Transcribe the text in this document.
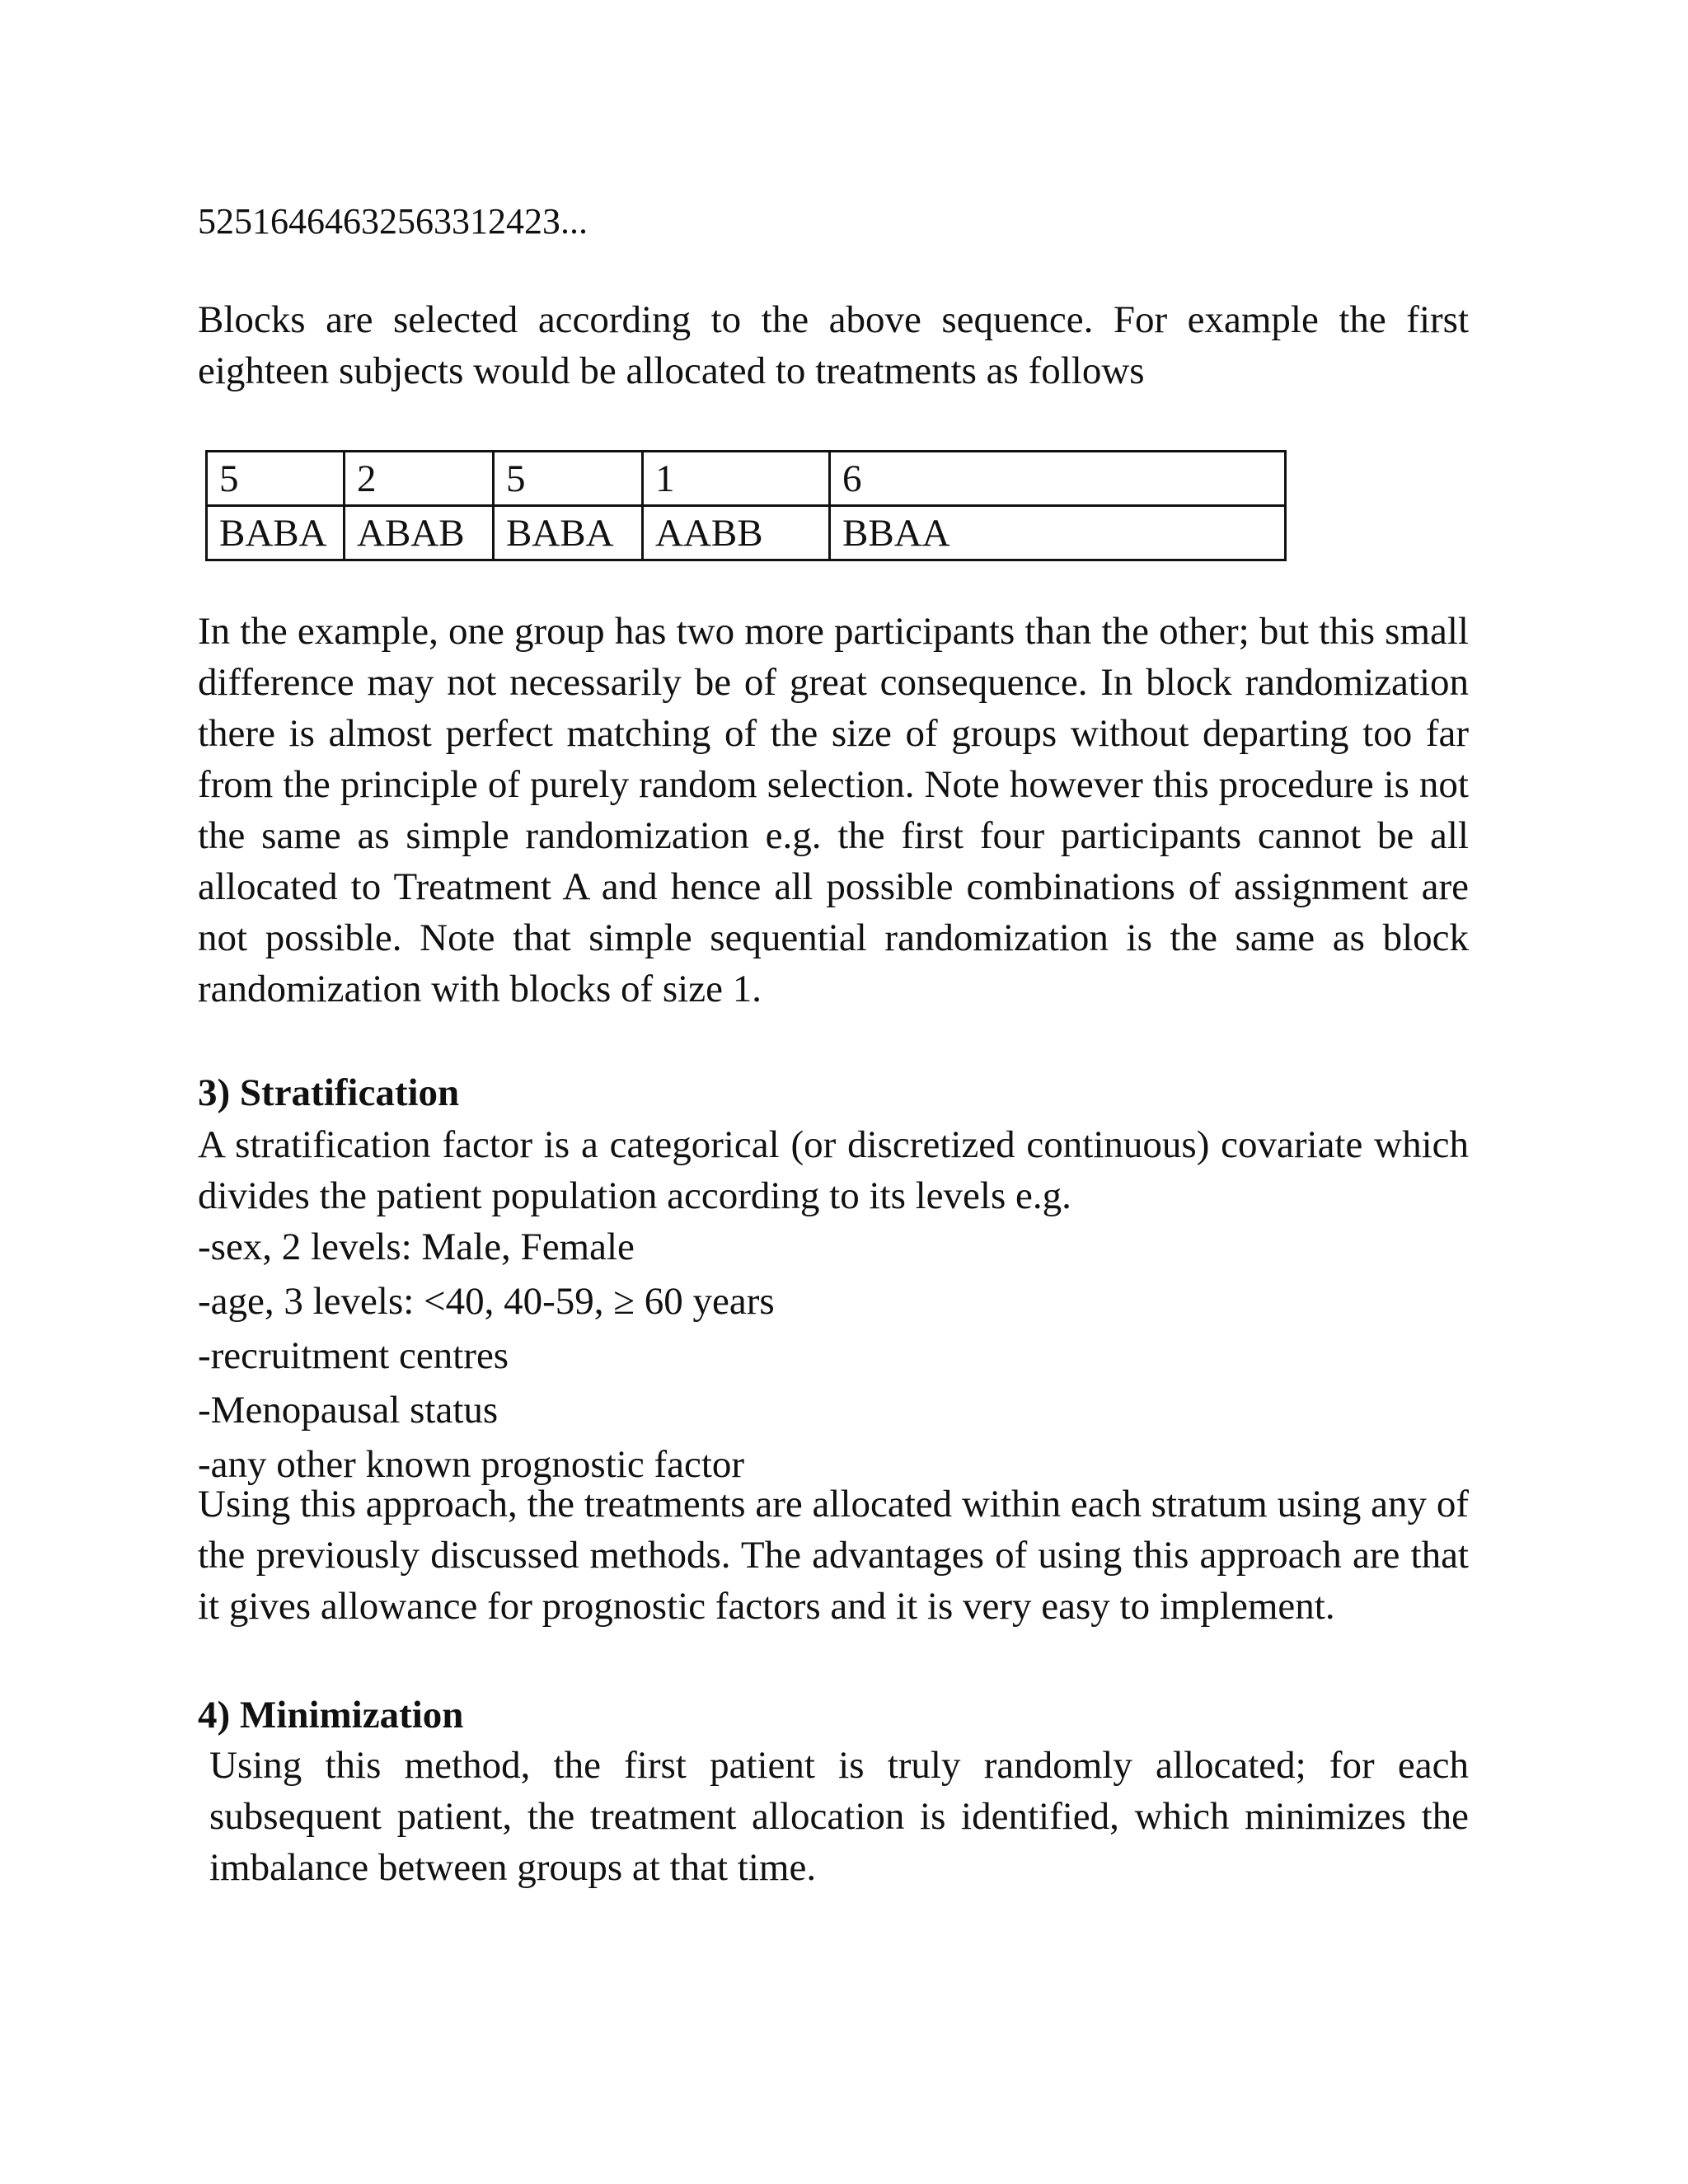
5251646463256331242З...

Blocks are selected according to the above sequence. For example the first eighteen subjects would be allocated to treatments as follows

5	2	5	1	6
BABA	ABAB	BABA	AABB	BBAA

In the example, one group has two more participants than the other; but this small difference may not necessarily be of great consequence. In block randomization there is almost perfect matching of the size of groups without departing too far from the principle of purely random selection. Note however this procedure is not the same as simple randomization e.g. the first four participants cannot be all allocated to Treatment A and hence all possible combinations of assignment are not possible. Note that simple sequential randomization is the same as block randomization with blocks of size 1.

3) Stratification

A stratification factor is a categorical (or discretized continuous) covariate which divides the patient population according to its levels e.g.

-sex, 2 levels: Male, Female
-age, 3 levels: <40, 40-59, ≥ 60 years
-recruitment centres
-Menopausal status
-any other known prognostic factor

Using this approach, the treatments are allocated within each stratum using any of the previously discussed methods. The advantages of using this approach are that it gives allowance for prognostic factors and it is very easy to implement.

4) Minimization

Using this method, the first patient is truly randomly allocated; for each subsequent patient, the treatment allocation is identified, which minimizes the imbalance between groups at that time.
